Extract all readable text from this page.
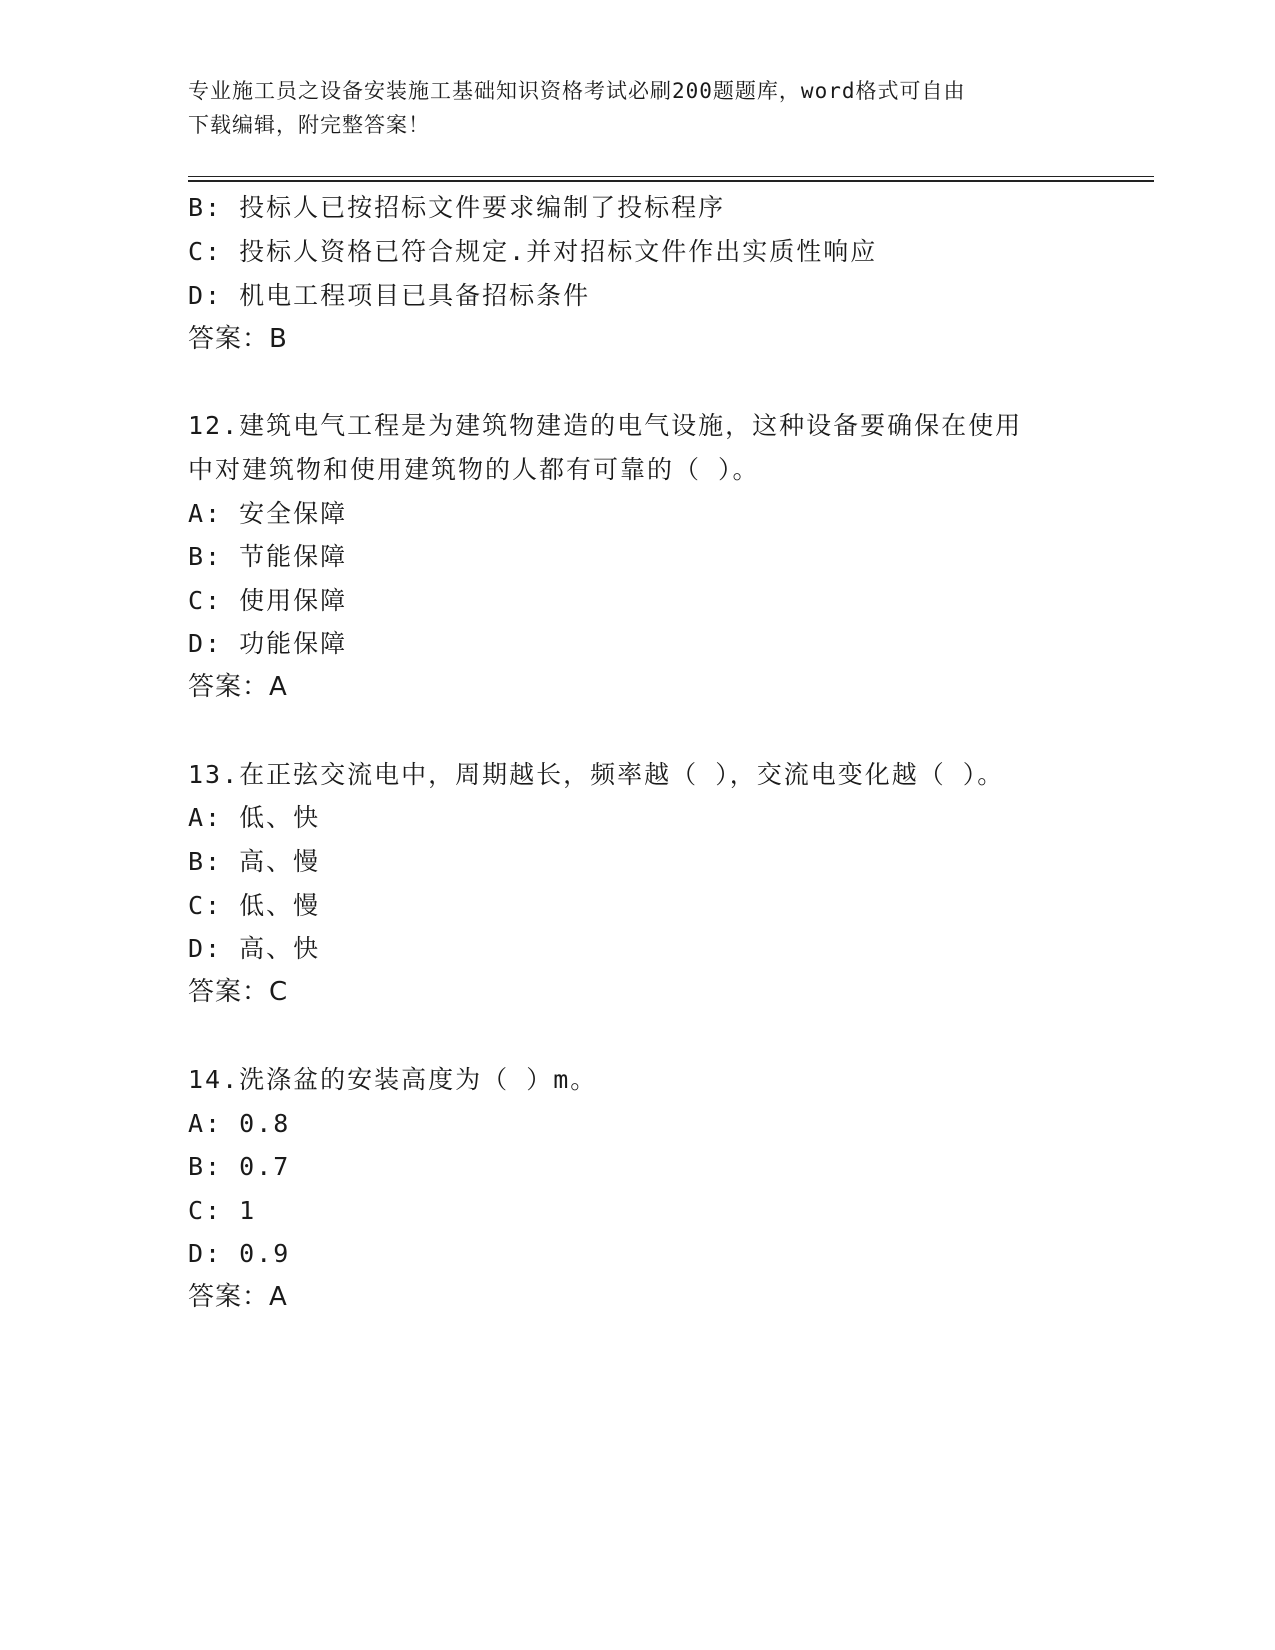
专业施工员之设备安装施工基础知识资格考试必刷200题题库，word格式可自由
下载编辑，附完整答案！
B: 投标人已按招标文件要求编制了投标程序
C: 投标人资格已符合规定.并对招标文件作出实质性响应
D: 机电工程项目已具备招标条件
答案：B
12.建筑电气工程是为建筑物建造的电气设施，这种设备要确保在使用
中对建筑物和使用建筑物的人都有可靠的（ ）。
A: 安全保障
B: 节能保障
C: 使用保障
D: 功能保障
答案：A
13.在正弦交流电中，周期越长，频率越（ ），交流电变化越（ ）。
A: 低、快
B: 高、慢
C: 低、慢
D: 高、快
答案：C
14.洗涤盆的安装高度为（ ）m。
A: 0.8
B: 0.7
C: 1
D: 0.9
答案：A
